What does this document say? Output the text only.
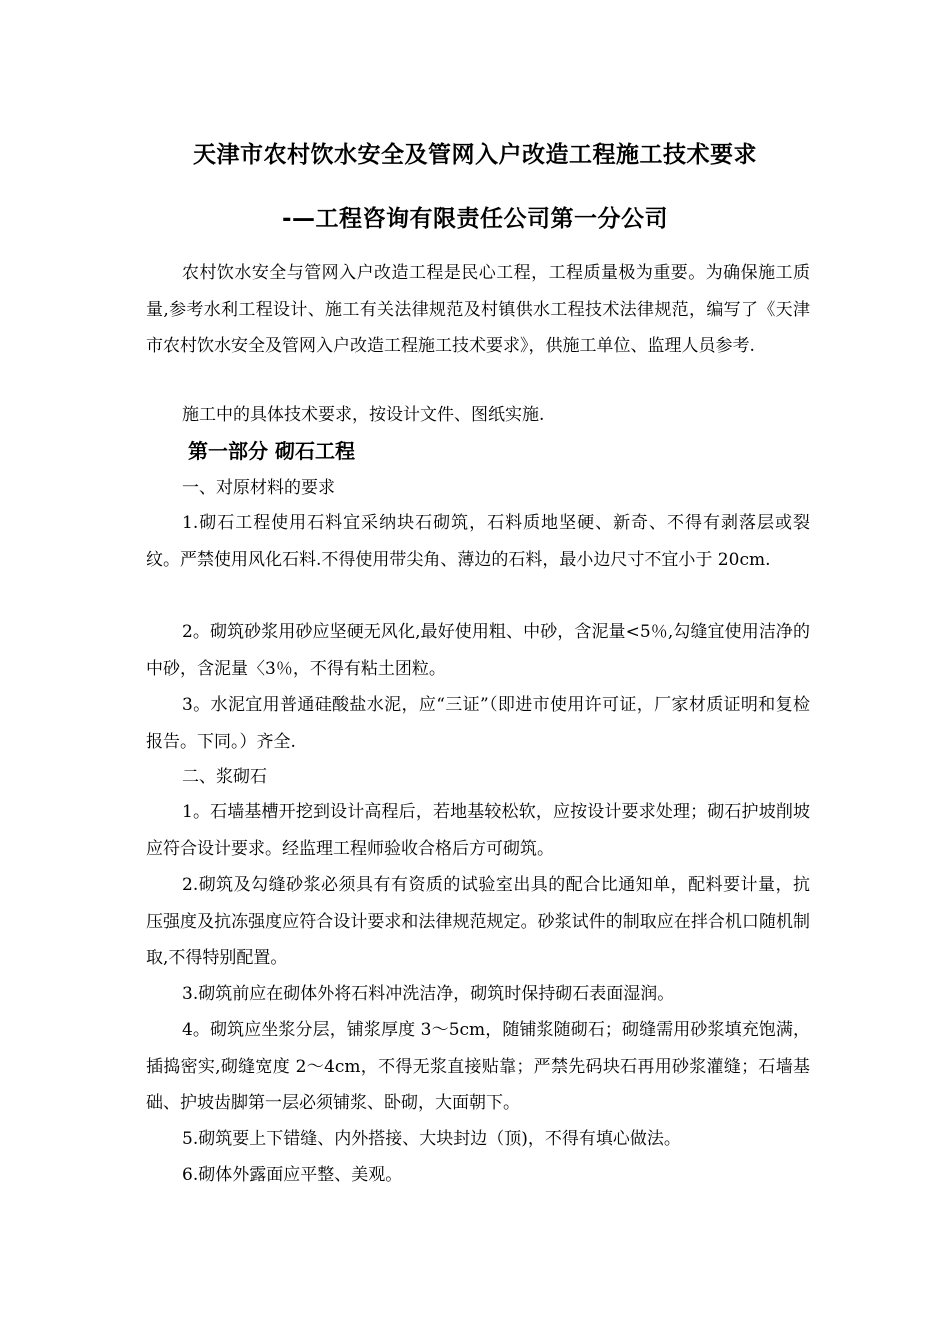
天津市农村饮水安全及管网入户改造工程施工技术要求
-—工程咨询有限责任公司第一分公司
农村饮水安全与管网入户改造工程是民心工程，工程质量极为重要。为确保施工质量,参考水利工程设计、施工有关法律规范及村镇供水工程技术法律规范，编写了《天津市农村饮水安全及管网入户改造工程施工技术要求》，供施工单位、监理人员参考.
施工中的具体技术要求，按设计文件、图纸实施.
第一部分 砌石工程
一、对原材料的要求
1.砌石工程使用石料宜采纳块石砌筑，石料质地坚硬、新奇、不得有剥落层或裂纹。严禁使用风化石料.不得使用带尖角、薄边的石料，最小边尺寸不宜小于 20cm.
2。砌筑砂浆用砂应坚硬无风化,最好使用粗、中砂，含泥量<5％,勾缝宜使用洁净的中砂，含泥量〈3％，不得有粘土团粒。
3。水泥宜用普通硅酸盐水泥，应“三证”（即进市使用许可证，厂家材质证明和复检报告。下同。）齐全.
二、浆砌石
1。石墙基槽开挖到设计高程后，若地基较松软，应按设计要求处理；砌石护坡削坡应符合设计要求。经监理工程师验收合格后方可砌筑。
2.砌筑及勾缝砂浆必须具有有资质的试验室出具的配合比通知单，配料要计量，抗压强度及抗冻强度应符合设计要求和法律规范规定。砂浆试件的制取应在拌合机口随机制取,不得特别配置。
3.砌筑前应在砌体外将石料冲洗洁净，砌筑时保持砌石表面湿润。
4。砌筑应坐浆分层，铺浆厚度 3～5cm，随铺浆随砌石；砌缝需用砂浆填充饱满，插捣密实,砌缝宽度 2～4cm，不得无浆直接贴靠；严禁先码块石再用砂浆灌缝；石墙基础、护坡齿脚第一层必须铺浆、卧砌，大面朝下。
5.砌筑要上下错缝、内外搭接、大块封边（顶)，不得有填心做法。
6.砌体外露面应平整、美观。
